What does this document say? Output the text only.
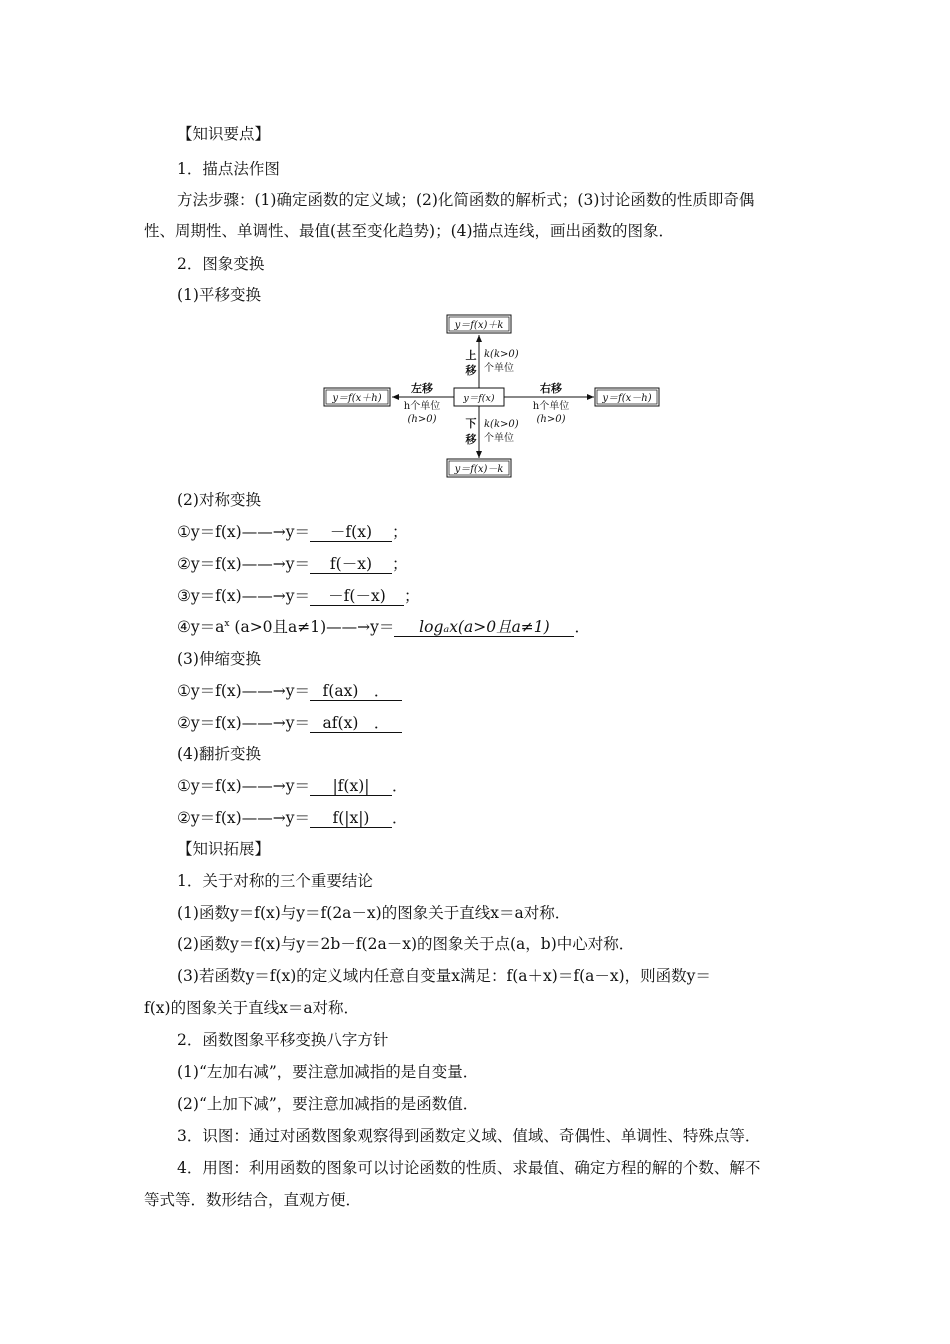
【知识要点】
1．描点法作图
方法步骤：(1)确定函数的定义域；(2)化简函数的解析式；(3)讨论函数的性质即奇偶
性、周期性、单调性、最值(甚至变化趋势)；(4)描点连线，画出函数的图象．
2．图象变换
(1)平移变换
y＝f(x)＋k
y＝f(x)
y＝f(x)－k
y＝f(x＋h)	y＝f(x－h)
上
移
k(k>0)
个单位
下
移
k(k>0)
个单位
左移
h个单位
(h>0)
右移
h个单位
(h>0)
(2)对称变换
①y＝f(x)——→y＝ －f(x) ；
②y＝f(x)——→y＝ f(－x) ；
③y＝f(x)——→y＝ －f(－x) ；
$④y=a^x$ (a>0且a≠1)——→y＝ logₐx(a>0且a≠1) ．
(3)伸缩变换
①y＝f(x)——→y＝ f(ax)　．
②y＝f(x)——→y＝ af(x)　．
(4)翻折变换
①y＝f(x)——→y＝ |f(x)| ．
②y＝f(x)——→y＝ f(|x|) ．
【知识拓展】
1．关于对称的三个重要结论
(1)函数y＝f(x)与y＝f(2a－x)的图象关于直线x＝a对称．
(2)函数y＝f(x)与y＝2b－f(2a－x)的图象关于点(a，b)中心对称．
(3)若函数y＝f(x)的定义域内任意自变量x满足：f(a＋x)＝f(a－x)，则函数y＝
f(x)的图象关于直线x＝a对称．
2．函数图象平移变换八字方针
(1)“左加右减”，要注意加减指的是自变量．
(2)“上加下减”，要注意加减指的是函数值．
3．识图：通过对函数图象观察得到函数定义域、值域、奇偶性、单调性、特殊点等．
4．用图：利用函数的图象可以讨论函数的性质、求最值、确定方程的解的个数、解不
等式等．数形结合，直观方便．
